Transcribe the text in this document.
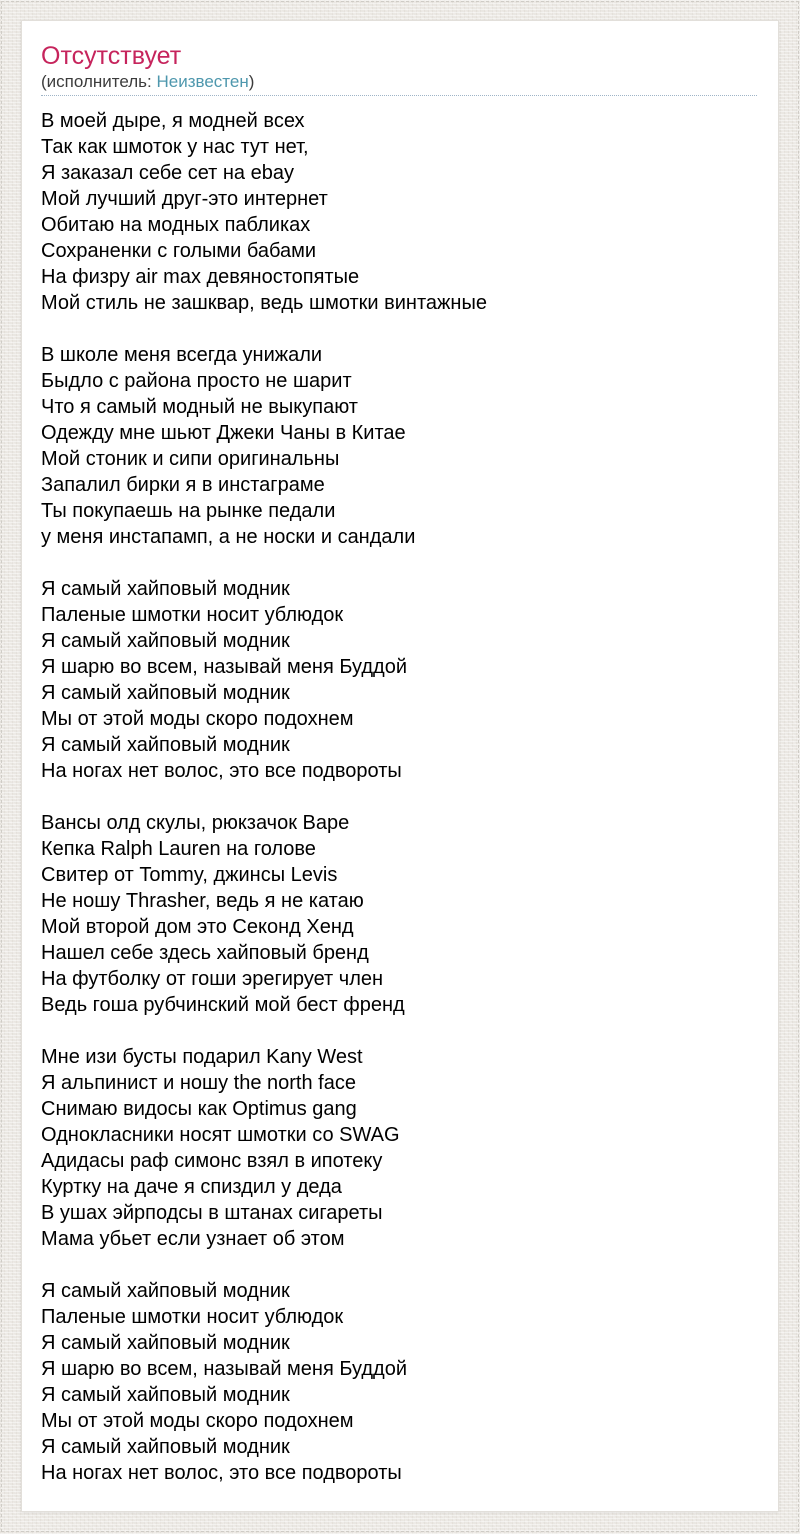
Отсутствует
(исполнитель: Неизвестен)

В моей дыре, я модней всех
Так как шмоток у нас тут нет,
Я заказал себе сет на ebay
Мой лучший друг-это интернет
Обитаю на модных пабликах
Сохраненки с голыми бабами
На физру air max девяностопятые
Мой стиль не зашквар, ведь шмотки винтажные

В школе меня всегда унижали
Быдло с района просто не шарит
Что я самый модный не выкупают
Одежду мне шьют Джеки Чаны в Китае
Мой стоник и сипи оригинальны
Запалил бирки я в инстаграме
Ты покупаешь на рынке педали
у меня инстапамп, а не носки и сандали

Я самый хайповый модник
Паленые шмотки носит ублюдок
Я самый хайповый модник
Я шарю во всем, называй меня Буддой
Я самый хайповый модник
Мы от этой моды скоро подохнем
Я самый хайповый модник
На ногах нет волос, это все подвороты

Вансы олд скулы, рюкзачок Bape
Кепка Ralph Lauren на голове
Свитер от Tommy, джинсы Levis
Не ношу Thrasher, ведь я не катаю
Мой второй дом это Секонд Хенд
Нашел себе здесь хайповый бренд
На футболку от гоши эрегирует член
Ведь гоша рубчинский мой бест френд

Мне изи бусты подарил Kany West
Я альпинист и ношу the north face
Снимаю видосы как Optimus gang
Однокласники носят шмотки со SWAG
Адидасы раф симонс взял в ипотеку
Куртку на даче я спиздил у деда
В ушах эйрподсы в штанах сигареты
Мама убьет если узнает об этом

Я самый хайповый модник
Паленые шмотки носит ублюдок
Я самый хайповый модник
Я шарю во всем, называй меня Буддой
Я самый хайповый модник
Мы от этой моды скоро подохнем
Я самый хайповый модник
На ногах нет волос, это все подвороты
